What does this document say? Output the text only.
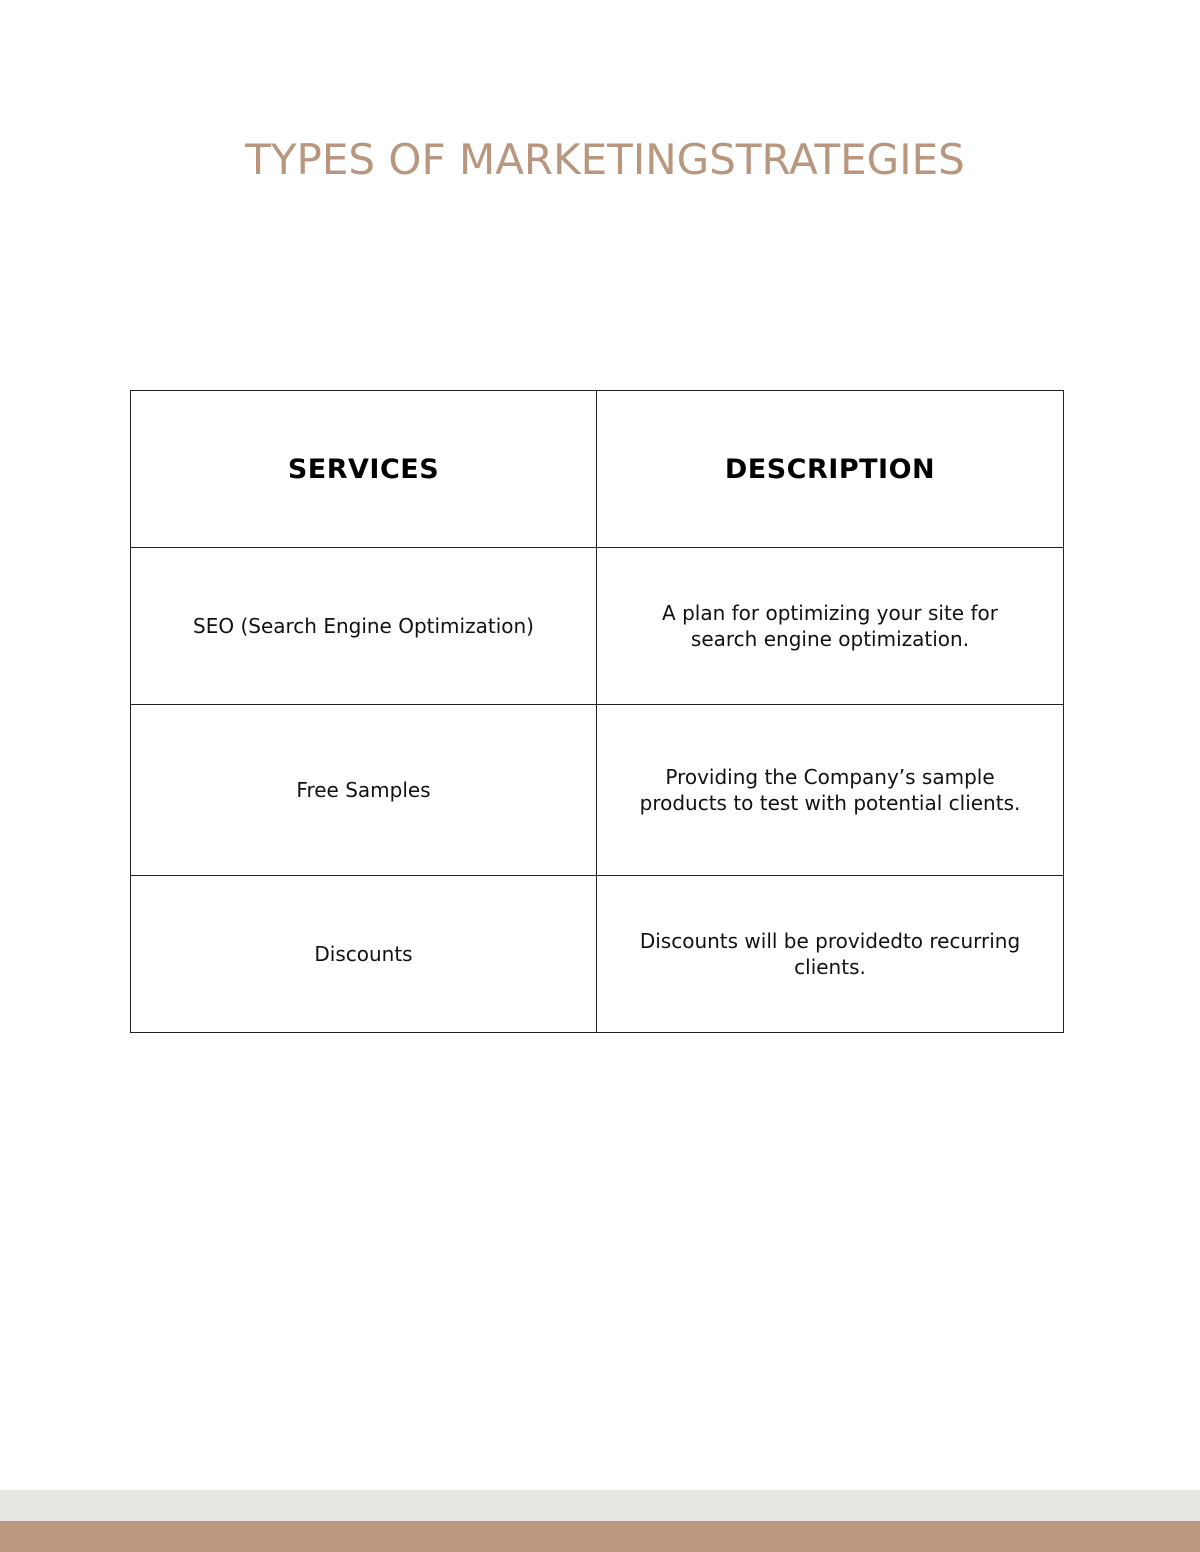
TYPES OF MARKETINGSTRATEGIES
SERVICES	DESCRIPTION
SEO (Search Engine Optimization)	A plan for optimizing your site for search engine optimization.
Free Samples	Providing the Company’s sample products to test with potential clients.
Discounts	Discounts will be providedto recurring clients.
